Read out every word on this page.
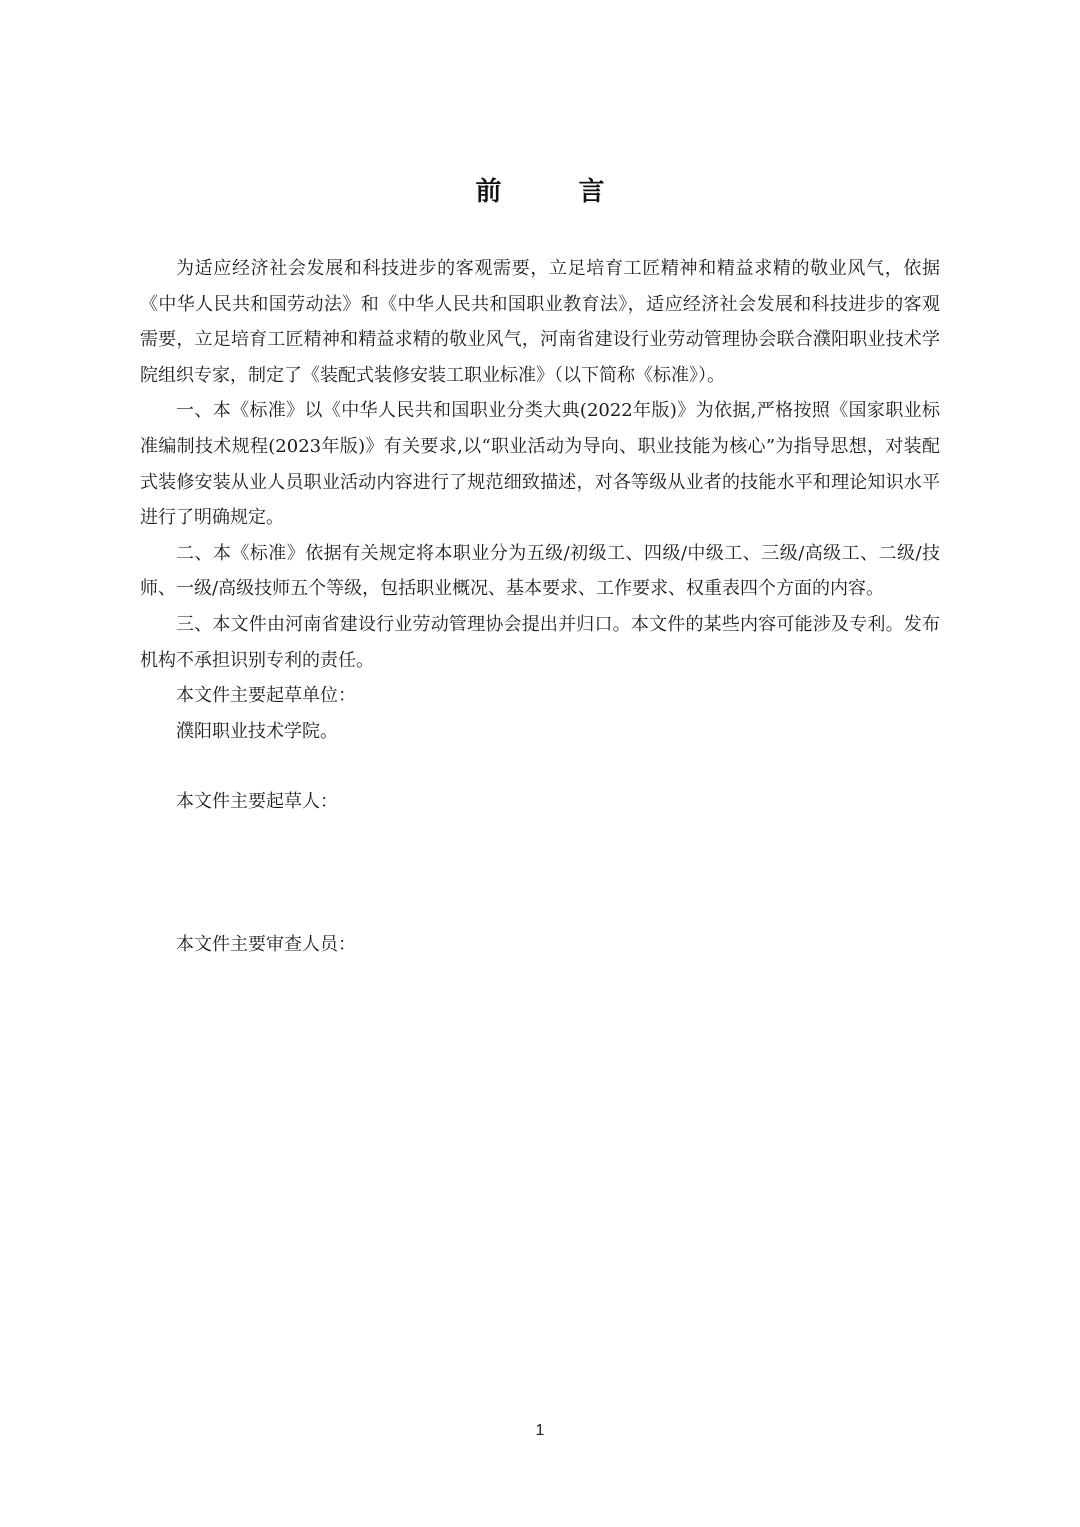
前 言

为适应经济社会发展和科技进步的客观需要，立足培育工匠精神和精益求精的敬业风气，依据《中华人民共和国劳动法》和《中华人民共和国职业教育法》，适应经济社会发展和科技进步的客观需要，立足培育工匠精神和精益求精的敬业风气，河南省建设行业劳动管理协会联合濮阳职业技术学院组织专家，制定了《装配式装修安装工职业标准》（以下简称《标准》）。

一、本《标准》以《中华人民共和国职业分类大典(2022年版)》为依据,严格按照《国家职业标准编制技术规程(2023年版)》有关要求,以“职业活动为导向、职业技能为核心”为指导思想，对装配式装修安装从业人员职业活动内容进行了规范细致描述，对各等级从业者的技能水平和理论知识水平进行了明确规定。

二、本《标准》依据有关规定将本职业分为五级/初级工、四级/中级工、三级/高级工、二级/技师、一级/高级技师五个等级，包括职业概况、基本要求、工作要求、权重表四个方面的内容。

三、本文件由河南省建设行业劳动管理协会提出并归口。本文件的某些内容可能涉及专利。发布机构不承担识别专利的责任。

本文件主要起草单位：

濮阳职业技术学院。

本文件主要起草人：

本文件主要审查人员：

1
